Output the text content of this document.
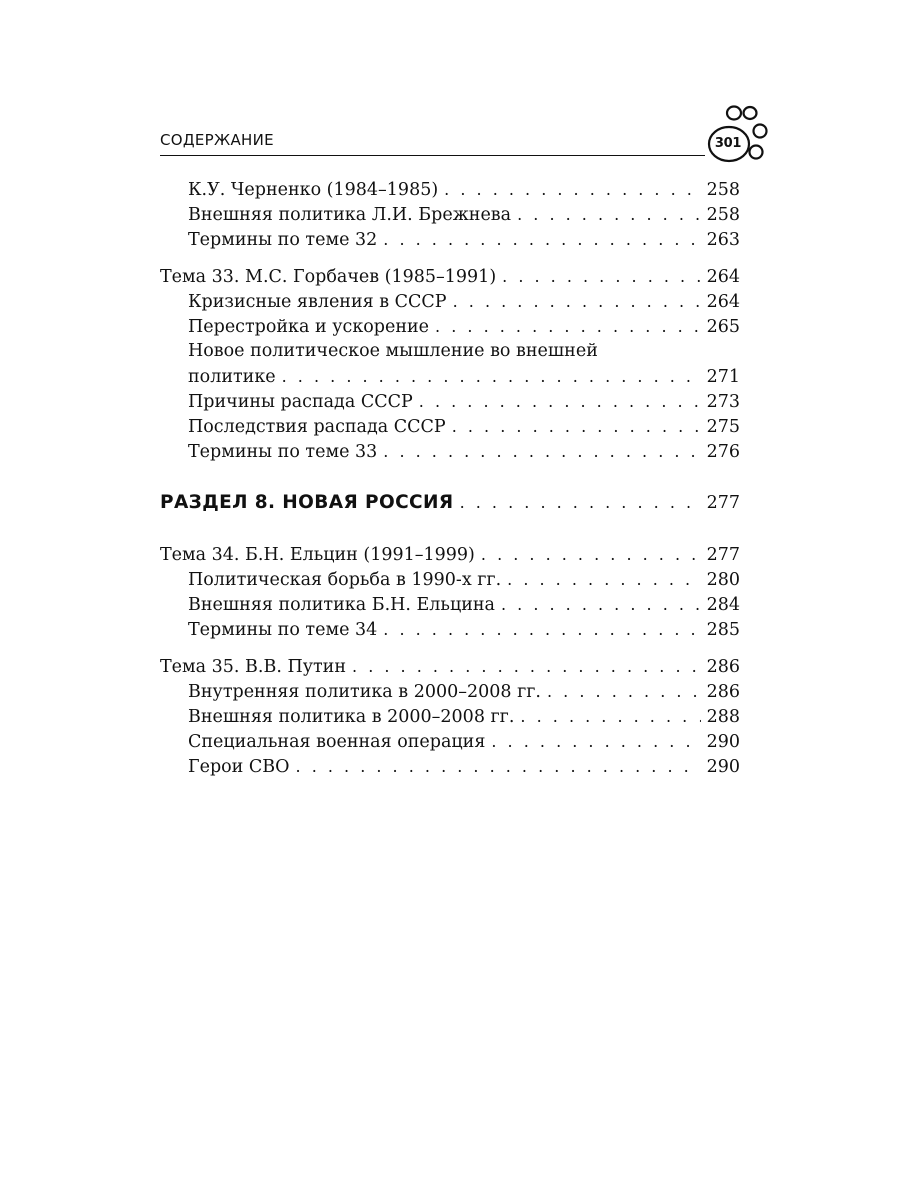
СОДЕРЖАНИЕ	301
К.У. Черненко (1984–1985) . . .	258
Внешняя политика Л.И. Брежнева . . .	258
Термины по теме 32 . . .	263
Тема 33. М.С. Горбачев (1985–1991) . . .	264
Кризисные явления в СССР . . .	264
Перестройка и ускорение . . .	265
Новое политическое мышление во внешней
политике . . .	271
Причины распада СССР . . .	273
Последствия распада СССР . . .	275
Термины по теме 33 . . .	276
РАЗДЕЛ 8. НОВАЯ РОССИЯ . . .	277
Тема 34. Б.Н. Ельцин (1991–1999) . . .	277
Политическая борьба в 1990-х гг. . . .	280
Внешняя политика Б.Н. Ельцина . . .	284
Термины по теме 34 . . .	285
Тема 35. В.В. Путин . . .	286
Внутренняя политика в 2000–2008 гг. . . .	286
Внешняя политика в 2000–2008 гг. . . .	288
Специальная военная операция . . .	290
Герои СВО . . .	290
